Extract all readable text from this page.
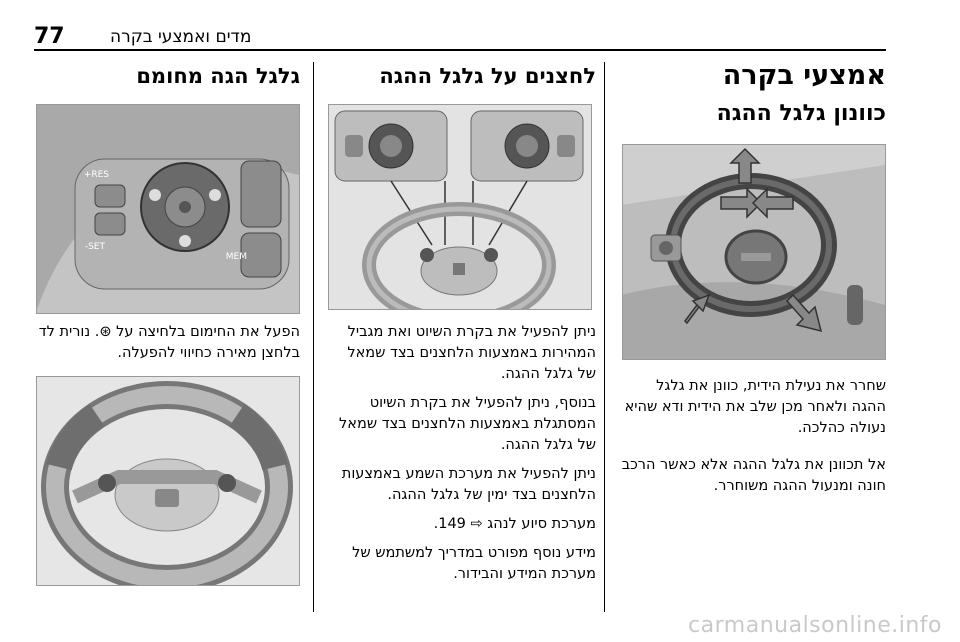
77	מדים ואמצעי בקרה
אמצעי בקרה
כוונון גלגל ההגה

שחרר את נעילת הידית, כוונן את גלגל ההגה ולאחר מכן שלב את הידית ודא שהיא נעולה כהלכה.

אל תכוונן את גלגל ההגה אלא כאשר הרכב חונה ומנעול ההגה משוחרר.

לחצנים על גלגל ההגה

ניתן להפעיל את בקרת השיוט ואת מגביל המהירות באמצעות הלחצנים בצד שמאל של גלגל ההגה.

בנוסף, ניתן להפעיל את בקרת השיוט המסתגלת באמצעות הלחצנים בצד שמאל של גלגל ההגה.

ניתן להפעיל את מערכת השמע באמצעות הלחצנים בצד ימין של גלגל ההגה.

מערכת סיוע לנהג ⇨ 149.

מידע נוסף מפורט במדריך למשתמש של מערכת המידע והבידור.

גלגל הגה מחומם
RES+
SET-
MEM

הפעל את החימום בלחיצה על ⊛. נורית לד בלחצן מאירה כחיווי להפעלה.

carmanualsonline.info
